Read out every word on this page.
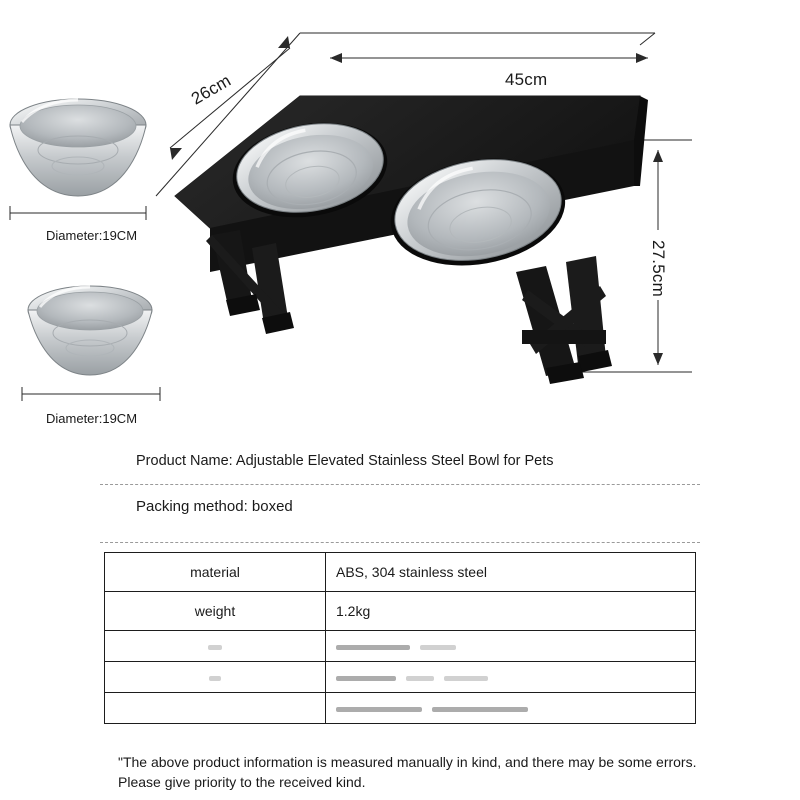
26cm	45cm
27.5cm
Diameter:19CM
Diameter:19CM
Product Name: Adjustable Elevated Stainless Steel Bowl for Pets
Packing method: boxed
material	ABS, 304 stainless steel
weight	1.2kg

"The above product information is measured manually in kind, and there may be some errors. Please give priority to the received kind.
